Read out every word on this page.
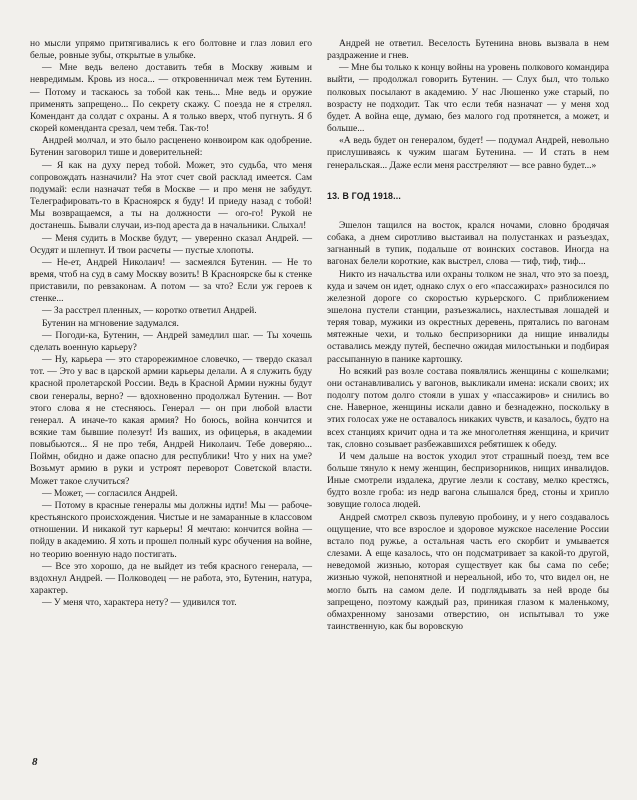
но мысли упрямо притягивались к его болтовне и глаз ловил его белые, ровные зубы, открытые в улыбке.

— Мне ведь велено доставить тебя в Москву живым и невредимым. Кровь из носа... — откровенничал меж тем Бутенин. — Потому и таскаюсь за тобой как тень... Мне ведь и оружие применять запрещено... По секрету скажу. С поезда не я стрелял. Комендант да солдат с охраны. А я только вверх, чтоб пугнуть. Я б скорей коменданта срезал, чем тебя. Так-то!

Андрей молчал, и это было расценено конвоиром как одобрение. Бутенин заговорил тише и доверительней:

— Я как на духу перед тобой. Может, это судьба, что меня сопровождать назначили? На этот счет свой расклад имеется. Сам подумай: если назначат тебя в Москве — и про меня не забудут. Телеграфировать-то в Красноярск я буду! И приеду назад с тобой! Мы возвращаемся, а ты на должности — ого-го! Рукой не достанешь. Бывали случаи, из-под ареста да в начальники. Слыхал!

— Меня судить в Москве будут, — уверенно сказал Андрей. — Осудят и шлепнут. И твои расчеты — пустые хлопоты.

— Не-ет, Андрей Николаич! — засмеялся Бутенин. — Не то время, чтоб на суд в саму Москву возить! В Красноярске бы к стенке приставили, по ревзаконам. А потом — за что? Если уж героев к стенке...

— За расстрел пленных, — коротко ответил Андрей.

Бутенин на мгновение задумался.

— Погоди-ка, Бутенин, — Андрей замедлил шаг. — Ты хочешь сделать военную карьеру?

— Ну, карьера — это старорежимное словечко, — твердо сказал тот. — Это у вас в царской армии карьеры делали. А я служить буду красной пролетарской России. Ведь в Красной Армии нужны будут свои генералы, верно? — вдохновенно продолжал Бутенин. — Вот этого слова я не стесняюсь. Генерал — он при любой власти генерал. А иначе-то какая армия? Но боюсь, война кончится и всякие там бывшие полезут! Из ваших, из офицерья, в академии повыбьются... Я не про тебя, Андрей Николаич. Тебе доверяю... Поймн, обидно и даже опасно для республики! Что у них на уме? Возьмут армию в руки и устроят переворот Советской власти. Может такое случиться?

— Может, — согласился Андрей.

— Потому в красные генералы мы должны идти! Мы — рабоче-крестьянского происхождения. Чистые и не замаранные в классовом отношении. И никакой тут карьеры! Я мечтаю: кончится война — пойду в академию. Я хоть и прошел полный курс обучения на войне, но теорию военную надо постигать.

— Все это хорошо, да не выйдет из тебя красного генерала, — вздохнул Андрей. — Полководец — не работа, это, Бутенин, натура, характер.

— У меня что, характера нету? — удивился тот.

Андрей не ответил. Веселость Бутенина вновь вызвала в нем раздражение и гнев.

— Мне бы только к концу войны на уровень полкового командира выйти, — продолжал говорить Бутенин. — Слух был, что только полковых посылают в академию. У нас Люшенко уже старый, по возрасту не подходит. Так что если тебя назначат — у меня ход будет. А война еще, думаю, без малого год протянется, а может, и больше...

«А ведь будет он генералом, будет! — подумал Андрей, невольно прислушиваясь к чужим шагам Бутенина. — И стать в нем генеральская... Даже если меня расстреляют — все равно будет...»

13. В ГОД 1918...

Эшелон тащился на восток, крался ночами, словно бродячая собака, а днем сиротливо выстаивал на полустанках и разъездах, загнанный в тупик, подальше от воинских составов. Иногда на вагонах белели короткие, как выстрел, слова — тиф, тиф, тиф...

Никто из начальства или охраны толком не знал, что это за поезд, куда и зачем он идет, однако слух о его «пассажирах» разносился по железной дороге со скоростью курьерского. С приближением эшелона пустели станции, разъезжались, нахлестывая лошадей и теряя товар, мужики из окрестных деревень, прятались по вагонам мятежные чехи, и только беспризорники да нищие инвалиды оставались между путей, беспечно ожидая милостыньки и подбирая рассыпанную в панике картошку.

Но всякий раз возле состава появлялись женщины с кошелками; они останавливались у вагонов, выкликали имена: искали своих; их подолгу потом долго стояли в ушах у «пассажиров» и снились во сне. Наверное, женщины искали давно и безнадежно, поскольку в этих голосах уже не оставалось никаких чувств, и казалось, будто на всех станциях кричит одна и та же многолетняя женщина, и кричит так, словно созывает разбежавшихся ребятишек к обеду.

И чем дальше на восток уходил этот страшный поезд, тем все больше тянуло к нему женщин, беспризорников, нищих инвалидов. Иные смотрели издалека, другие лезли к составу, мелко крестясь, будто возле гроба: из недр вагона слышался бред, стоны и хрипло зовущие голоса людей.

Андрей смотрел сквозь пулевую пробоину, и у него создавалось ощущение, что все взрослое и здоровое мужское население России встало под ружье, а остальная часть его скорбит и умывается слезами. А еще казалось, что он подсматривает за какой-то другой, неведомой жизнью, которая существует как бы сама по себе; жизнью чужой, непонятной и нереальной, ибо то, что видел он, не могло быть на самом деле. И подглядывать за ней вроде бы запрещено, поэтому каждый раз, приникая глазом к маленькому, обмахренному занозами отверстию, он испытывал то уже таинственную, как бы воровскую

8
